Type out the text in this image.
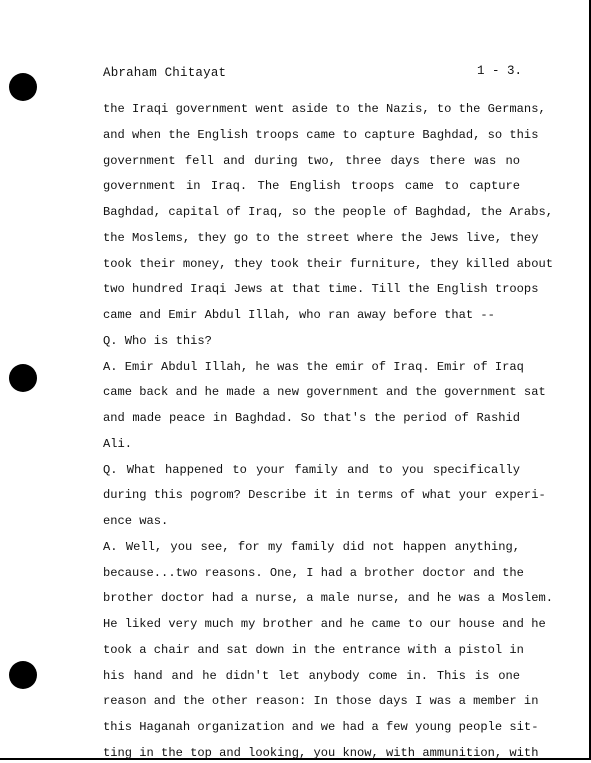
Abraham Chitayat	1 - 3.
the Iraqi government went aside to the Nazis, to the Germans,
and when the English troops came to capture Baghdad, so this
government fell and during two, three days there was no
government in Iraq. The English troops came to capture
Baghdad, capital of Iraq, so the people of Baghdad, the Arabs,
the Moslems, they go to the street where the Jews live, they
took their money, they took their furniture, they killed about
two hundred Iraqi Jews at that time. Till the English troops
came and Emir Abdul Illah, who ran away before that --
Q. Who is this?
A. Emir Abdul Illah, he was the emir of Iraq. Emir of Iraq
came back and he made a new government and the government sat
and made peace in Baghdad. So that's the period of Rashid
Ali.
Q. What happened to your family and to you specifically
during this pogrom? Describe it in terms of what your experi-
ence was.
A. Well, you see, for my family did not happen anything,
because...two reasons. One, I had a brother doctor and the
brother doctor had a nurse, a male nurse, and he was a Moslem.
He liked very much my brother and he came to our house and he
took a chair and sat down in the entrance with a pistol in
his hand and he didn't let anybody come in. This is one
reason and the other reason: In those days I was a member in
this Haganah organization and we had a few young people sit-
ting in the top and looking, you know, with ammunition, with
